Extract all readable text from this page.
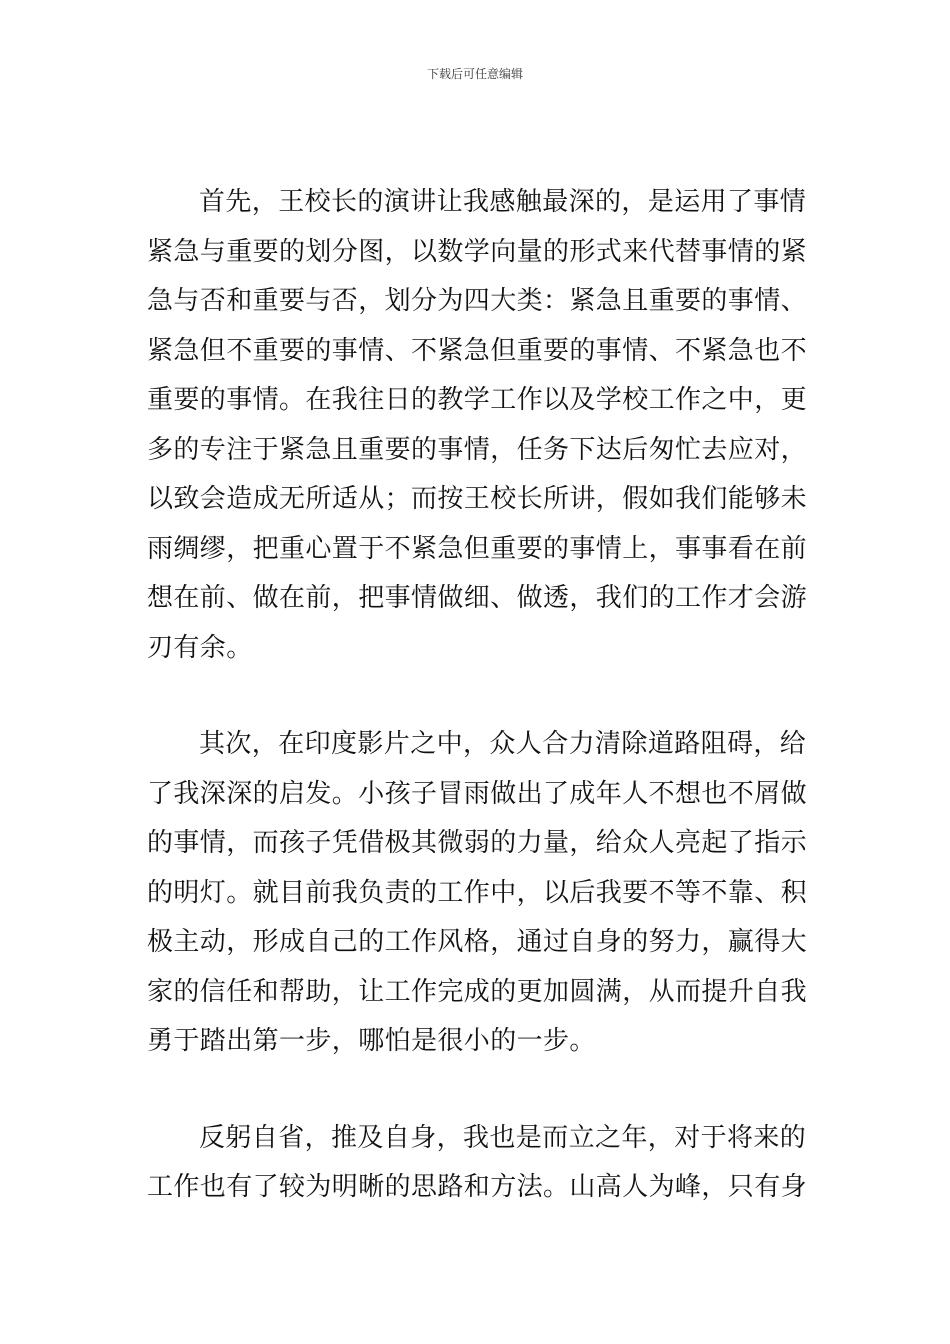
下载后可任意编辑
首先，王校长的演讲让我感触最深的，是运用了事情
紧急与重要的划分图，以数学向量的形式来代替事情的紧
急与否和重要与否，划分为四大类：紧急且重要的事情、
紧急但不重要的事情、不紧急但重要的事情、不紧急也不
重要的事情。在我往日的教学工作以及学校工作之中，更
多的专注于紧急且重要的事情，任务下达后匆忙去应对，
以致会造成无所适从；而按王校长所讲，假如我们能够未
雨绸缪，把重心置于不紧急但重要的事情上，事事看在前
想在前、做在前，把事情做细、做透，我们的工作才会游
刃有余。
其次，在印度影片之中，众人合力清除道路阻碍，给
了我深深的启发。小孩子冒雨做出了成年人不想也不屑做
的事情，而孩子凭借极其微弱的力量，给众人亮起了指示
的明灯。就目前我负责的工作中，以后我要不等不靠、积
极主动，形成自己的工作风格，通过自身的努力，赢得大
家的信任和帮助，让工作完成的更加圆满，从而提升自我
勇于踏出第一步，哪怕是很小的一步。
反躬自省，推及自身，我也是而立之年，对于将来的
工作也有了较为明晰的思路和方法。山高人为峰，只有身
